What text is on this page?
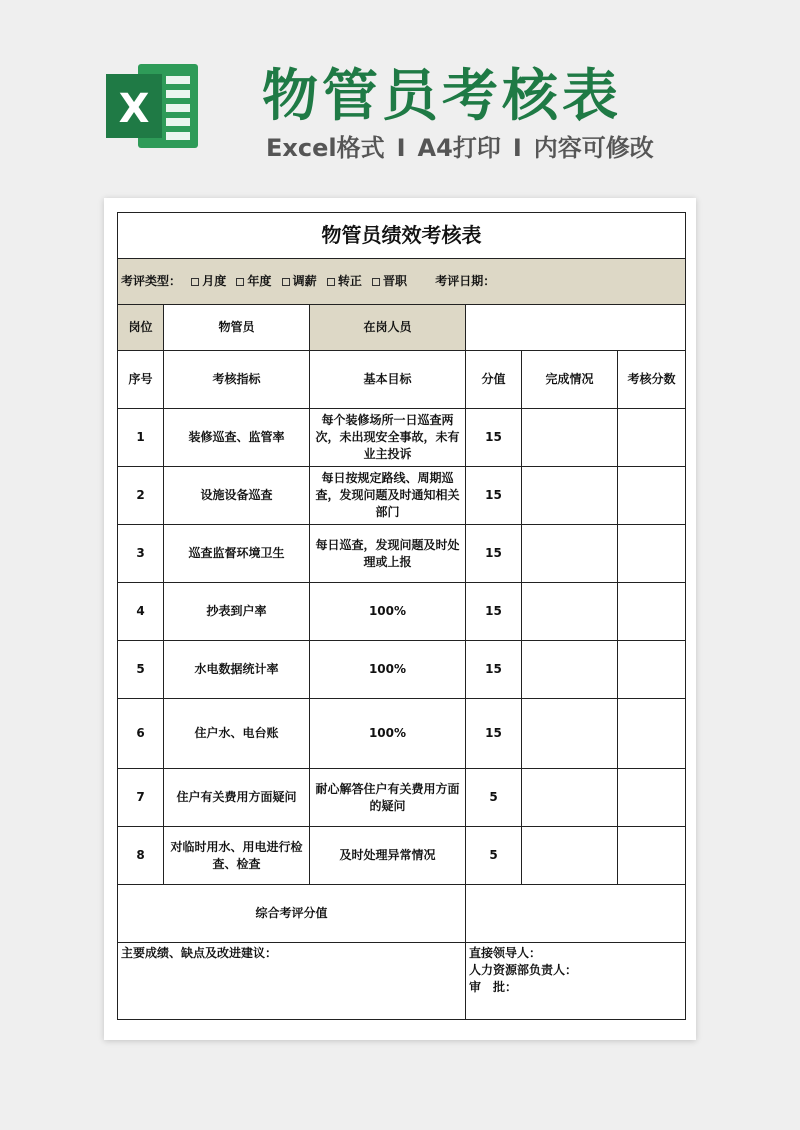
X 物管员考核表
Excel格式 I A4打印 I 内容可修改
物管员绩效考核表					
考评类型： 月度 年度 调薪 转正 晋职 考评日期：					
岗位	物管员	在岗人员			
序号	考核指标	基本目标	分值	完成情况	考核分数
1	装修巡查、监管率	每个装修场所一日巡查两次，未出现安全事故，未有业主投诉	15		
2	设施设备巡查	每日按规定路线、周期巡查，发现问题及时通知相关部门	15		
3	巡查监督环境卫生	每日巡查，发现问题及时处理或上报	15		
4	抄表到户率	100%	15		
5	水电数据统计率	100%	15		
6	住户水、电台账	100%	15		
7	住户有关费用方面疑问	耐心解答住户有关费用方面的疑问	5		
8	对临时用水、用电进行检查、检查	及时处理异常情况	5		
综合考评分值					
主要成绩、缺点及改进建议：			直接领导人：
人力资源部负责人：
审　批：		
